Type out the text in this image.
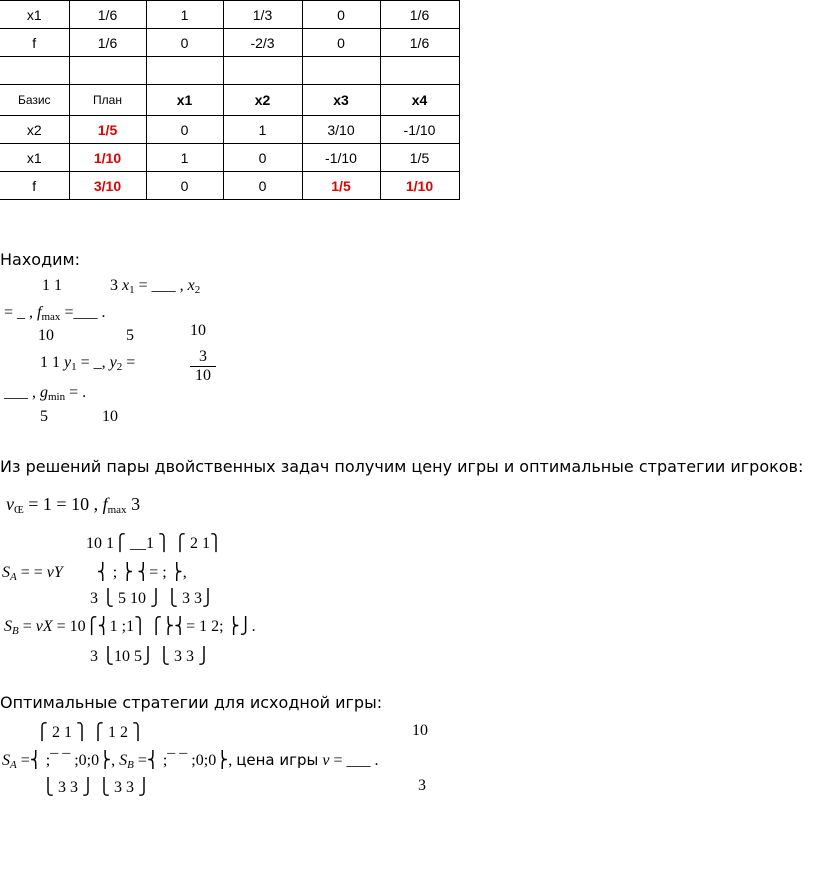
x1	1/6	1	1/3	0	1/6
f	1/6	0	-2/3	0	1/6

Базис	План	x1	x2	x3	x4
x2	1/5	0	1	3/10	-1/10
x1	1/10	1	0	-1/10	1/5
f	3/10	0	0	1/5	1/10
Находим:
1 1	3 $x_1$ = ___ , $x_2$
= _ , $f_{max}$ =___ .
10	5	10
1 1 $y_1$ = _, $y_2$ =	$\frac{3}{10}$
___ , $g_{min}$ = .
5	10
Из решений пары двойственных задач получим цену игры и оптимальные стратегии игроков:
$v_Œ = 1 = 10$ , $f_{max}$ 3
10 1⎧ __1 ⎫ ⎧ 2 1⎫
$S_A$ = = vY ⎨ ; ⎬ ⎨= ; ⎬,
3 ⎩ 5 10 ⎭ ⎩ 3 3⎭
$S_B$ = vX = 10⎧⎨1 ;1⎫ ⎧⎬⎨= 1 2; ⎬⎭.
3 ⎩10 5⎭ ⎩ 3 3 ⎭
Оптимальные стратегии для исходной игры:
⎧ 2 1 ⎫ ⎧ 1 2 ⎫	10
$S_A$ =⎨ ;¯ ¯ ;0;0⎬, $S_B$ =⎨ ;¯ ¯ ;0;0⎬, цена игры v = ___ .
⎩ 3 3 ⎭ ⎩ 3 3 ⎭	3
